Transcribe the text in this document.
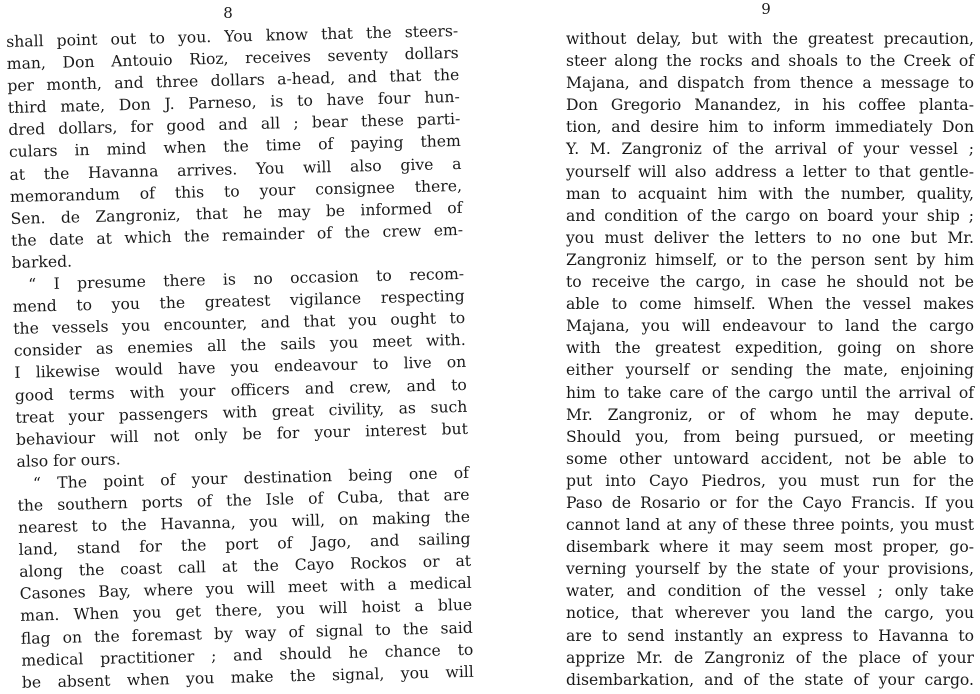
8
shall point out to you. You know that the steers-
man, Don Antouio Rioz, receives seventy dollars
per month, and three dollars a-head, and that the
third mate, Don J. Parneso, is to have four hun-
dred dollars, for good and all ; bear these parti-
culars in mind when the time of paying them
at the Havanna arrives. You will also give a
memorandum of this to your consignee there,
Sen. de Zangroniz, that he may be informed of
the date at which the remainder of the crew em-
barked.
“ I presume there is no occasion to recom-
mend to you the greatest vigilance respecting
the vessels you encounter, and that you ought to
consider as enemies all the sails you meet with.
I likewise would have you endeavour to live on
good terms with your officers and crew, and to
treat your passengers with great civility, as such
behaviour will not only be for your interest but
also for ours.
“ The point of your destination being one of
the southern ports of the Isle of Cuba, that are
nearest to the Havanna, you will, on making the
land, stand for the port of Jago, and sailing
along the coast call at the Cayo Rockos or at
Casones Bay, where you will meet with a medical
man. When you get there, you will hoist a blue
flag on the foremast by way of signal to the said
medical practitioner ; and should he chance to
be absent when you make the signal, you will
9
without delay, but with the greatest precaution,
steer along the rocks and shoals to the Creek of
Majana, and dispatch from thence a message to
Don Gregorio Manandez, in his coffee planta-
tion, and desire him to inform immediately Don
Y. M. Zangroniz of the arrival of your vessel ;
yourself will also address a letter to that gentle-
man to acquaint him with the number, quality,
and condition of the cargo on board your ship ;
you must deliver the letters to no one but Mr.
Zangroniz himself, or to the person sent by him
to receive the cargo, in case he should not be
able to come himself. When the vessel makes
Majana, you will endeavour to land the cargo
with the greatest expedition, going on shore
either yourself or sending the mate, enjoining
him to take care of the cargo until the arrival of
Mr. Zangroniz, or of whom he may depute.
Should you, from being pursued, or meeting
some other untoward accident, not be able to
put into Cayo Piedros, you must run for the
Paso de Rosario or for the Cayo Francis. If you
cannot land at any of these three points, you must
disembark where it may seem most proper, go-
verning yourself by the state of your provisions,
water, and condition of the vessel ; only take
notice, that wherever you land the cargo, you
are to send instantly an express to Havanna to
apprize Mr. de Zangroniz of the place of your
disembarkation, and of the state of your cargo.
